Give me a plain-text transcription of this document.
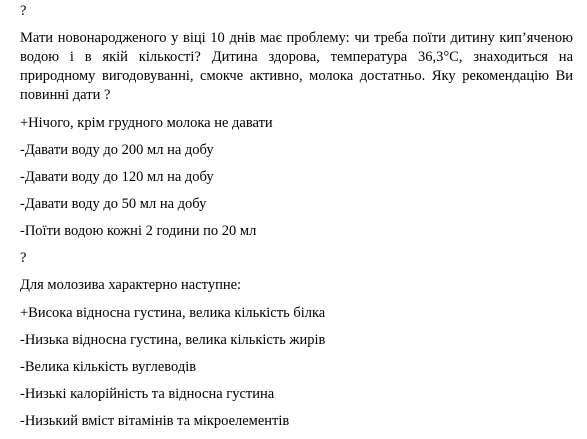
?

Мати новонародженого у віці 10 днів має проблему: чи треба поїти дитину кип’яченою водою і в якій кількості? Дитина здорова, температура 36,3°С, знаходиться на природному вигодовуванні, смокче активно, молока достатньо. Яку рекомендацію Ви повинні дати ?

+Нічого, крім грудного молока не давати

-Давати воду до 200 мл на добу

-Давати воду до 120 мл на добу

-Давати воду до 50 мл на добу

-Поїти водою кожні 2 години по 20 мл

?

Для молозива характерно наступне:

+Висока відносна густина, велика кількість білка

-Низька відносна густина, велика кількість жирів

-Велика кількість вуглеводів

-Низькі калорійність та відносна густина

-Низький вміст вітамінів та мікроелементів
